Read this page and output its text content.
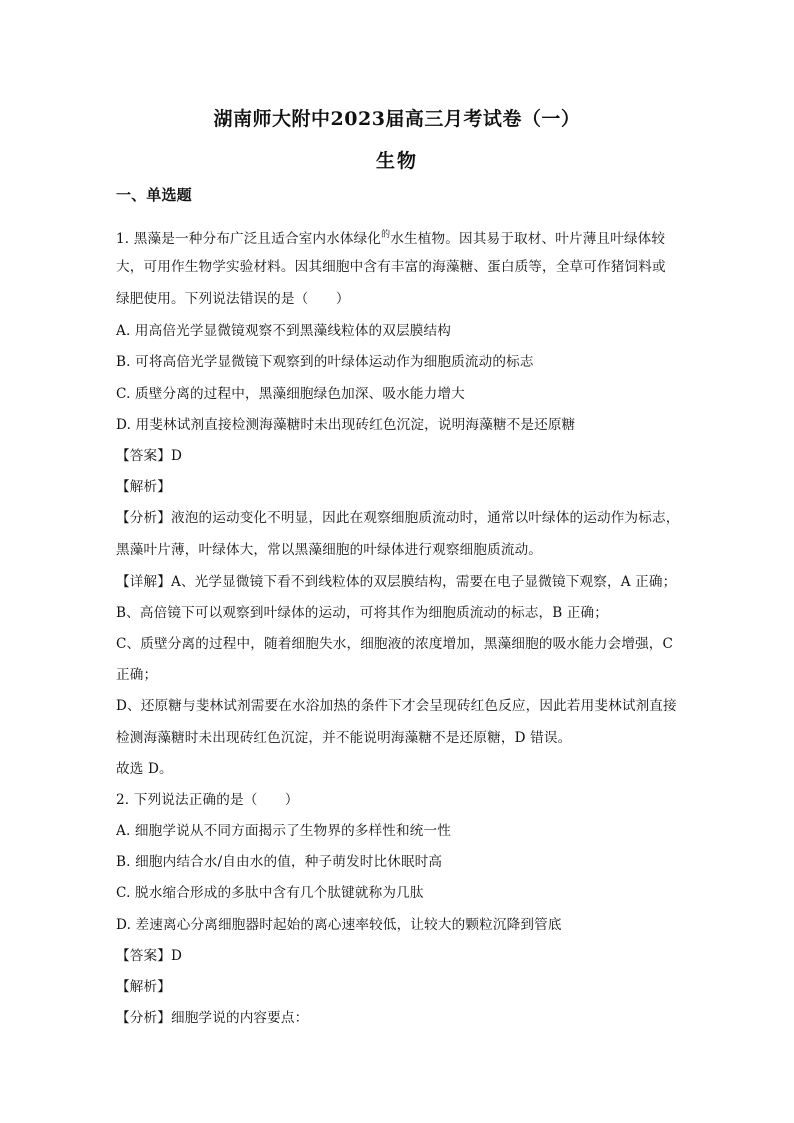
湖南师大附中2023届高三月考试卷（一）
生物
一、单选题
1. 黑藻是一种分布广泛且适合室内水体绿化$^的$水生植物。因其易于取材、叶片薄且叶绿体较
大，可用作生物学实验材料。因其细胞中含有丰富的海藻糖、蛋白质等，全草可作猪饲料或
绿肥使用。下列说法错误的是（　　）
A. 用高倍光学显微镜观察不到黑藻线粒体的双层膜结构
B. 可将高倍光学显微镜下观察到的叶绿体运动作为细胞质流动的标志
C. 质壁分离的过程中，黑藻细胞绿色加深、吸水能力增大
D. 用斐林试剂直接检测海藻糖时未出现砖红色沉淀，说明海藻糖不是还原糖
【答案】D
【解析】
【分析】液泡的运动变化不明显，因此在观察细胞质流动时，通常以叶绿体的运动作为标志，
黑藻叶片薄，叶绿体大，常以黑藻细胞的叶绿体进行观察细胞质流动。
【详解】A、光学显微镜下看不到线粒体的双层膜结构，需要在电子显微镜下观察，A 正确；
B、高倍镜下可以观察到叶绿体的运动，可将其作为细胞质流动的标志，B 正确；
C、质壁分离的过程中，随着细胞失水，细胞液的浓度增加，黑藻细胞的吸水能力会增强，C
正确；
D、还原糖与斐林试剂需要在水浴加热的条件下才会呈现砖红色反应，因此若用斐林试剂直接
检测海藻糖时未出现砖红色沉淀，并不能说明海藻糖不是还原糖，D 错误。
故选 D。
2. 下列说法正确的是（　　）
A. 细胞学说从不同方面揭示了生物界的多样性和统一性
B. 细胞内结合水/自由水的值，种子萌发时比休眠时高
C. 脱水缩合形成的多肽中含有几个肽键就称为几肽
D. 差速离心分离细胞器时起始的离心速率较低，让较大的颗粒沉降到管底
【答案】D
【解析】
【分析】细胞学说的内容要点：
